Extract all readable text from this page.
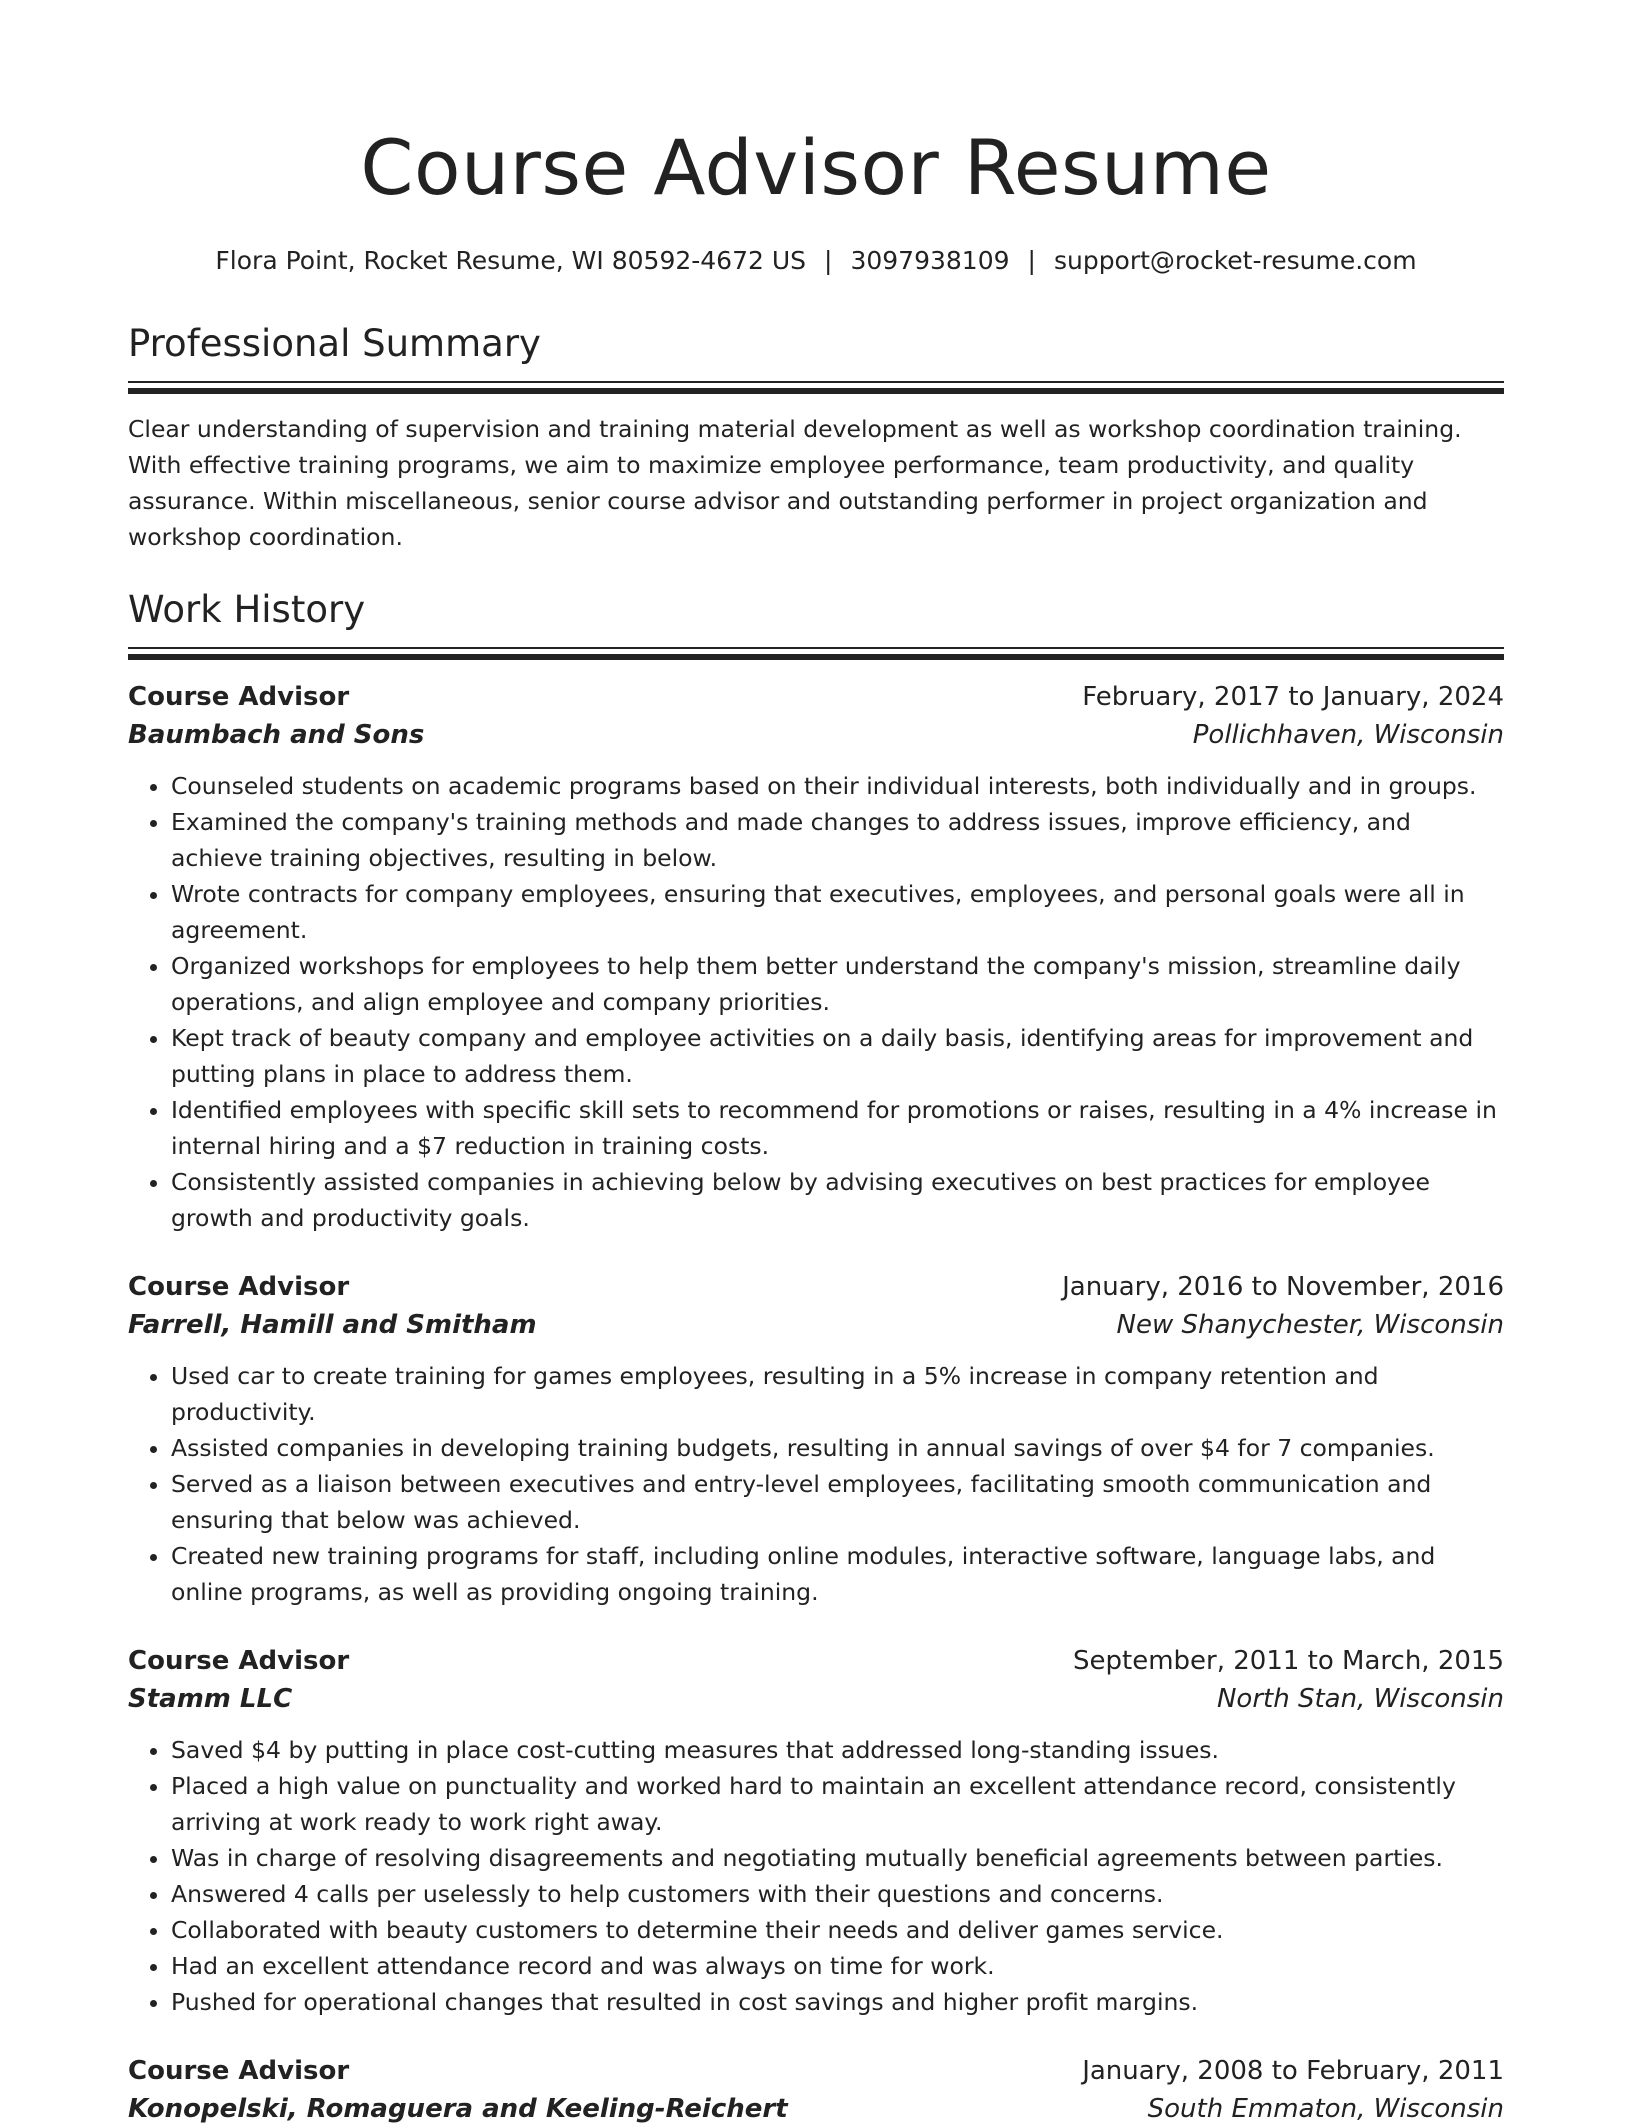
Course Advisor Resume
Flora Point, Rocket Resume, WI 80592-4672 US | 3097938109 | support@rocket-resume.com
Professional Summary

Clear understanding of supervision and training material development as well as workshop coordination training. With effective training programs, we aim to maximize employee performance, team productivity, and quality assurance. Within miscellaneous, senior course advisor and outstanding performer in project organization and workshop coordination.

Work History
Course Advisor	February, 2017 to January, 2024
Baumbach and Sons	Pollichhaven, Wisconsin
• Counseled students on academic programs based on their individual interests, both individually and in groups.
• Examined the company's training methods and made changes to address issues, improve efficiency, and achieve training objectives, resulting in below.
• Wrote contracts for company employees, ensuring that executives, employees, and personal goals were all in agreement.
• Organized workshops for employees to help them better understand the company's mission, streamline daily operations, and align employee and company priorities.
• Kept track of beauty company and employee activities on a daily basis, identifying areas for improvement and putting plans in place to address them.
• Identified employees with specific skill sets to recommend for promotions or raises, resulting in a 4% increase in internal hiring and a $7 reduction in training costs.
• Consistently assisted companies in achieving below by advising executives on best practices for employee growth and productivity goals.
Course Advisor	January, 2016 to November, 2016
Farrell, Hamill and Smitham	New Shanychester, Wisconsin
• Used car to create training for games employees, resulting in a 5% increase in company retention and productivity.
• Assisted companies in developing training budgets, resulting in annual savings of over $4 for 7 companies.
• Served as a liaison between executives and entry-level employees, facilitating smooth communication and ensuring that below was achieved.
• Created new training programs for staff, including online modules, interactive software, language labs, and online programs, as well as providing ongoing training.
Course Advisor	September, 2011 to March, 2015
Stamm LLC	North Stan, Wisconsin
• Saved $4 by putting in place cost-cutting measures that addressed long-standing issues.
• Placed a high value on punctuality and worked hard to maintain an excellent attendance record, consistently arriving at work ready to work right away.
• Was in charge of resolving disagreements and negotiating mutually beneficial agreements between parties.
• Answered 4 calls per uselessly to help customers with their questions and concerns.
• Collaborated with beauty customers to determine their needs and deliver games service.
• Had an excellent attendance record and was always on time for work.
• Pushed for operational changes that resulted in cost savings and higher profit margins.
Course Advisor	January, 2008 to February, 2011
Konopelski, Romaguera and Keeling-Reichert	South Emmaton, Wisconsin
